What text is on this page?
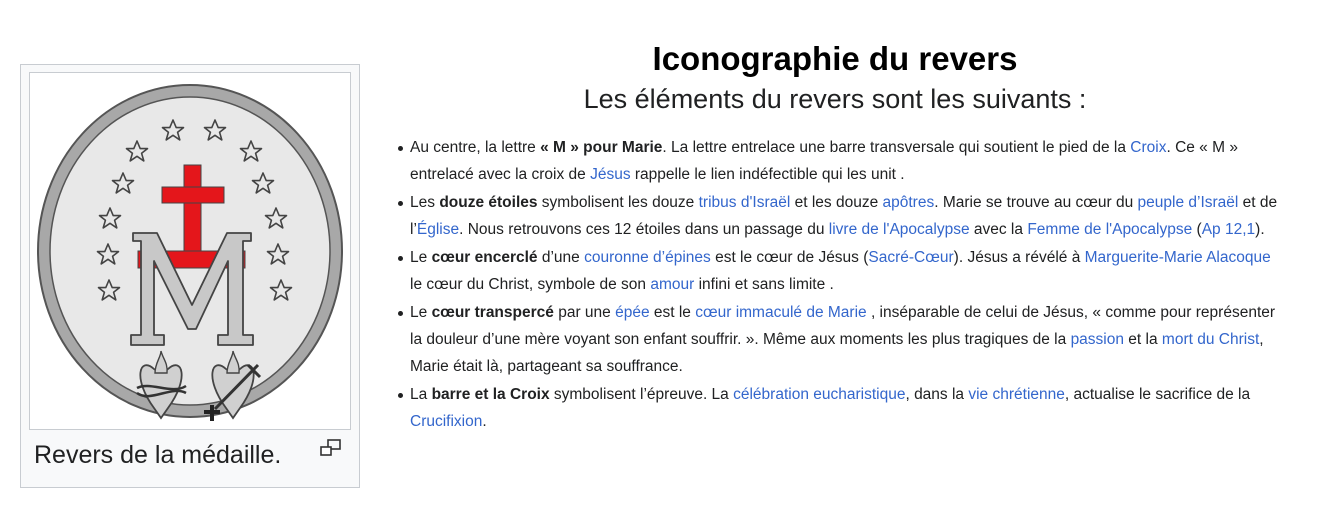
Revers de la médaille.
Iconographie du revers
Les éléments du revers sont les suivants :
Au centre, la lettre « M » pour Marie. La lettre entrelace une barre transversale qui soutient le pied de la Croix. Ce « M » entrelacé avec la croix de Jésus rappelle le lien indéfectible qui les unit .
Les douze étoiles symbolisent les douze tribus d'Israël et les douze apôtres. Marie se trouve au cœur du peuple d’Israël et de l’Église. Nous retrouvons ces 12 étoiles dans un passage du livre de l'Apocalypse avec la Femme de l'Apocalypse (Ap 12,1).
Le cœur encerclé d’une couronne d’épines est le cœur de Jésus (Sacré-Cœur). Jésus a révélé à Marguerite-Marie Alacoque le cœur du Christ, symbole de son amour infini et sans limite .
Le cœur transpercé par une épée est le cœur immaculé de Marie , inséparable de celui de Jésus, « comme pour représenter la douleur d’une mère voyant son enfant souffrir. ». Même aux moments les plus tragiques de la passion et la mort du Christ, Marie était là, partageant sa souffrance.
La barre et la Croix symbolisent l’épreuve. La célébration eucharistique, dans la vie chrétienne, actualise le sacrifice de la Crucifixion.
